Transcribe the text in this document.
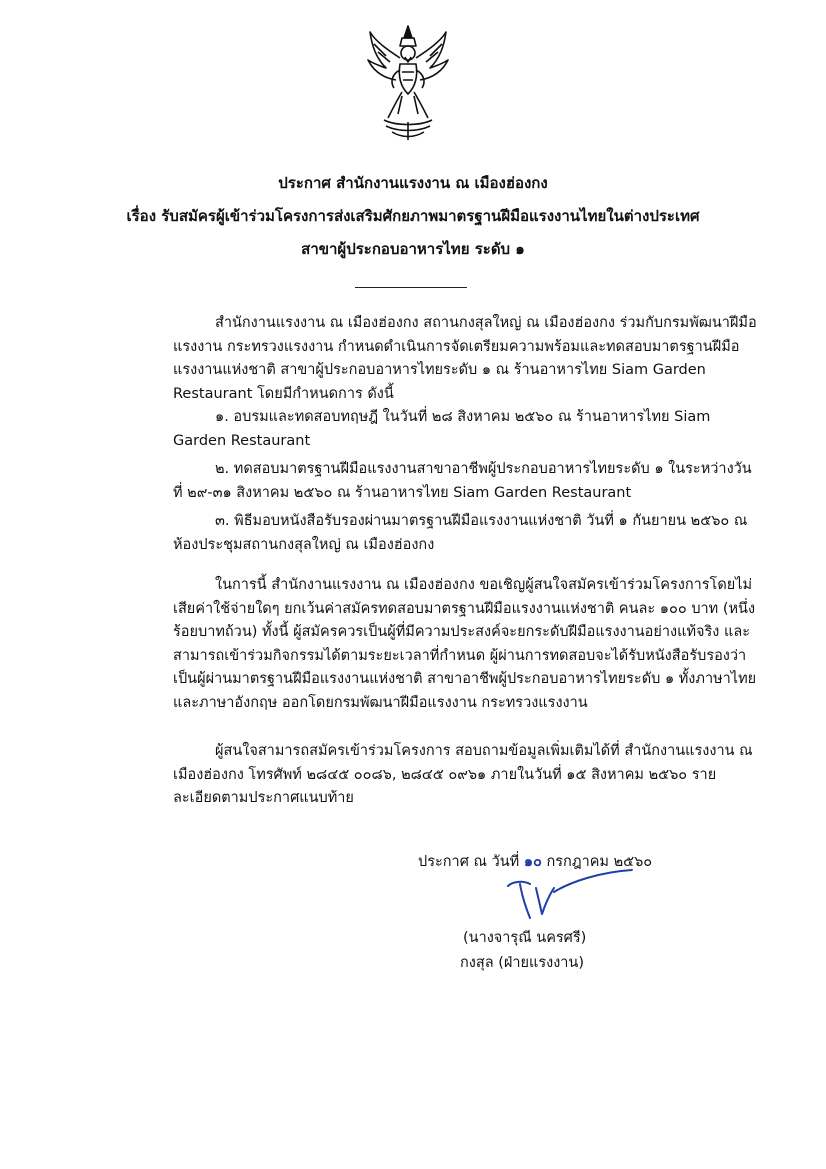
ประกาศ สำนักงานแรงงาน ณ เมืองฮ่องกง
เรื่อง รับสมัครผู้เข้าร่วมโครงการส่งเสริมศักยภาพมาตรฐานฝีมือแรงงานไทยในต่างประเทศ
สาขาผู้ประกอบอาหารไทย ระดับ ๑

สำนักงานแรงงาน ณ เมืองฮ่องกง สถานกงสุลใหญ่ ณ เมืองฮ่องกง ร่วมกับกรมพัฒนาฝีมือแรงงาน กระทรวงแรงงาน กำหนดดำเนินการจัดเตรียมความพร้อมและทดสอบมาตรฐานฝีมือแรงงานแห่งชาติ สาขาผู้ประกอบอาหารไทยระดับ ๑ ณ ร้านอาหารไทย Siam Garden Restaurant โดยมีกำหนดการ ดังนี้

๑. อบรมและทดสอบทฤษฎี ในวันที่ ๒๘ สิงหาคม ๒๕๖๐ ณ ร้านอาหารไทย Siam Garden Restaurant

๒. ทดสอบมาตรฐานฝีมือแรงงานสาขาอาชีพผู้ประกอบอาหารไทยระดับ ๑ ในระหว่างวันที่ ๒๙-๓๑ สิงหาคม ๒๕๖๐ ณ ร้านอาหารไทย Siam Garden Restaurant

๓. พิธีมอบหนังสือรับรองผ่านมาตรฐานฝีมือแรงงานแห่งชาติ วันที่ ๑ กันยายน ๒๕๖๐ ณ ห้องประชุมสถานกงสุลใหญ่ ณ เมืองฮ่องกง

ในการนี้ สำนักงานแรงงาน ณ เมืองฮ่องกง ขอเชิญผู้สนใจสมัครเข้าร่วมโครงการโดยไม่เสียค่าใช้จ่ายใดๆ ยกเว้นค่าสมัครทดสอบมาตรฐานฝีมือแรงงานแห่งชาติ คนละ ๑๐๐ บาท (หนึ่งร้อยบาทถ้วน) ทั้งนี้ ผู้สมัครควรเป็นผู้ที่มีความประสงค์จะยกระดับฝีมือแรงงานอย่างแท้จริง และสามารถเข้าร่วมกิจกรรมได้ตามระยะเวลาที่กำหนด ผู้ผ่านการทดสอบจะได้รับหนังสือรับรองว่าเป็นผู้ผ่านมาตรฐานฝีมือแรงงานแห่งชาติ สาขาอาชีพผู้ประกอบอาหารไทยระดับ ๑ ทั้งภาษาไทยและภาษาอังกฤษ ออกโดยกรมพัฒนาฝีมือแรงงาน กระทรวงแรงงาน

ผู้สนใจสามารถสมัครเข้าร่วมโครงการ สอบถามข้อมูลเพิ่มเติมได้ที่ สำนักงานแรงงาน ณ เมืองฮ่องกง โทรศัพท์ ๒๘๔๕ ๐๐๘๖, ๒๘๔๕ ๐๙๖๑ ภายในวันที่ ๑๕ สิงหาคม ๒๕๖๐ รายละเอียดตามประกาศแนบท้าย

ประกาศ ณ วันที่ ๑๐ กรกฎาคม ๒๕๖๐
(นางจารุณี นครศรี)
กงสุล (ฝ่ายแรงงาน)
